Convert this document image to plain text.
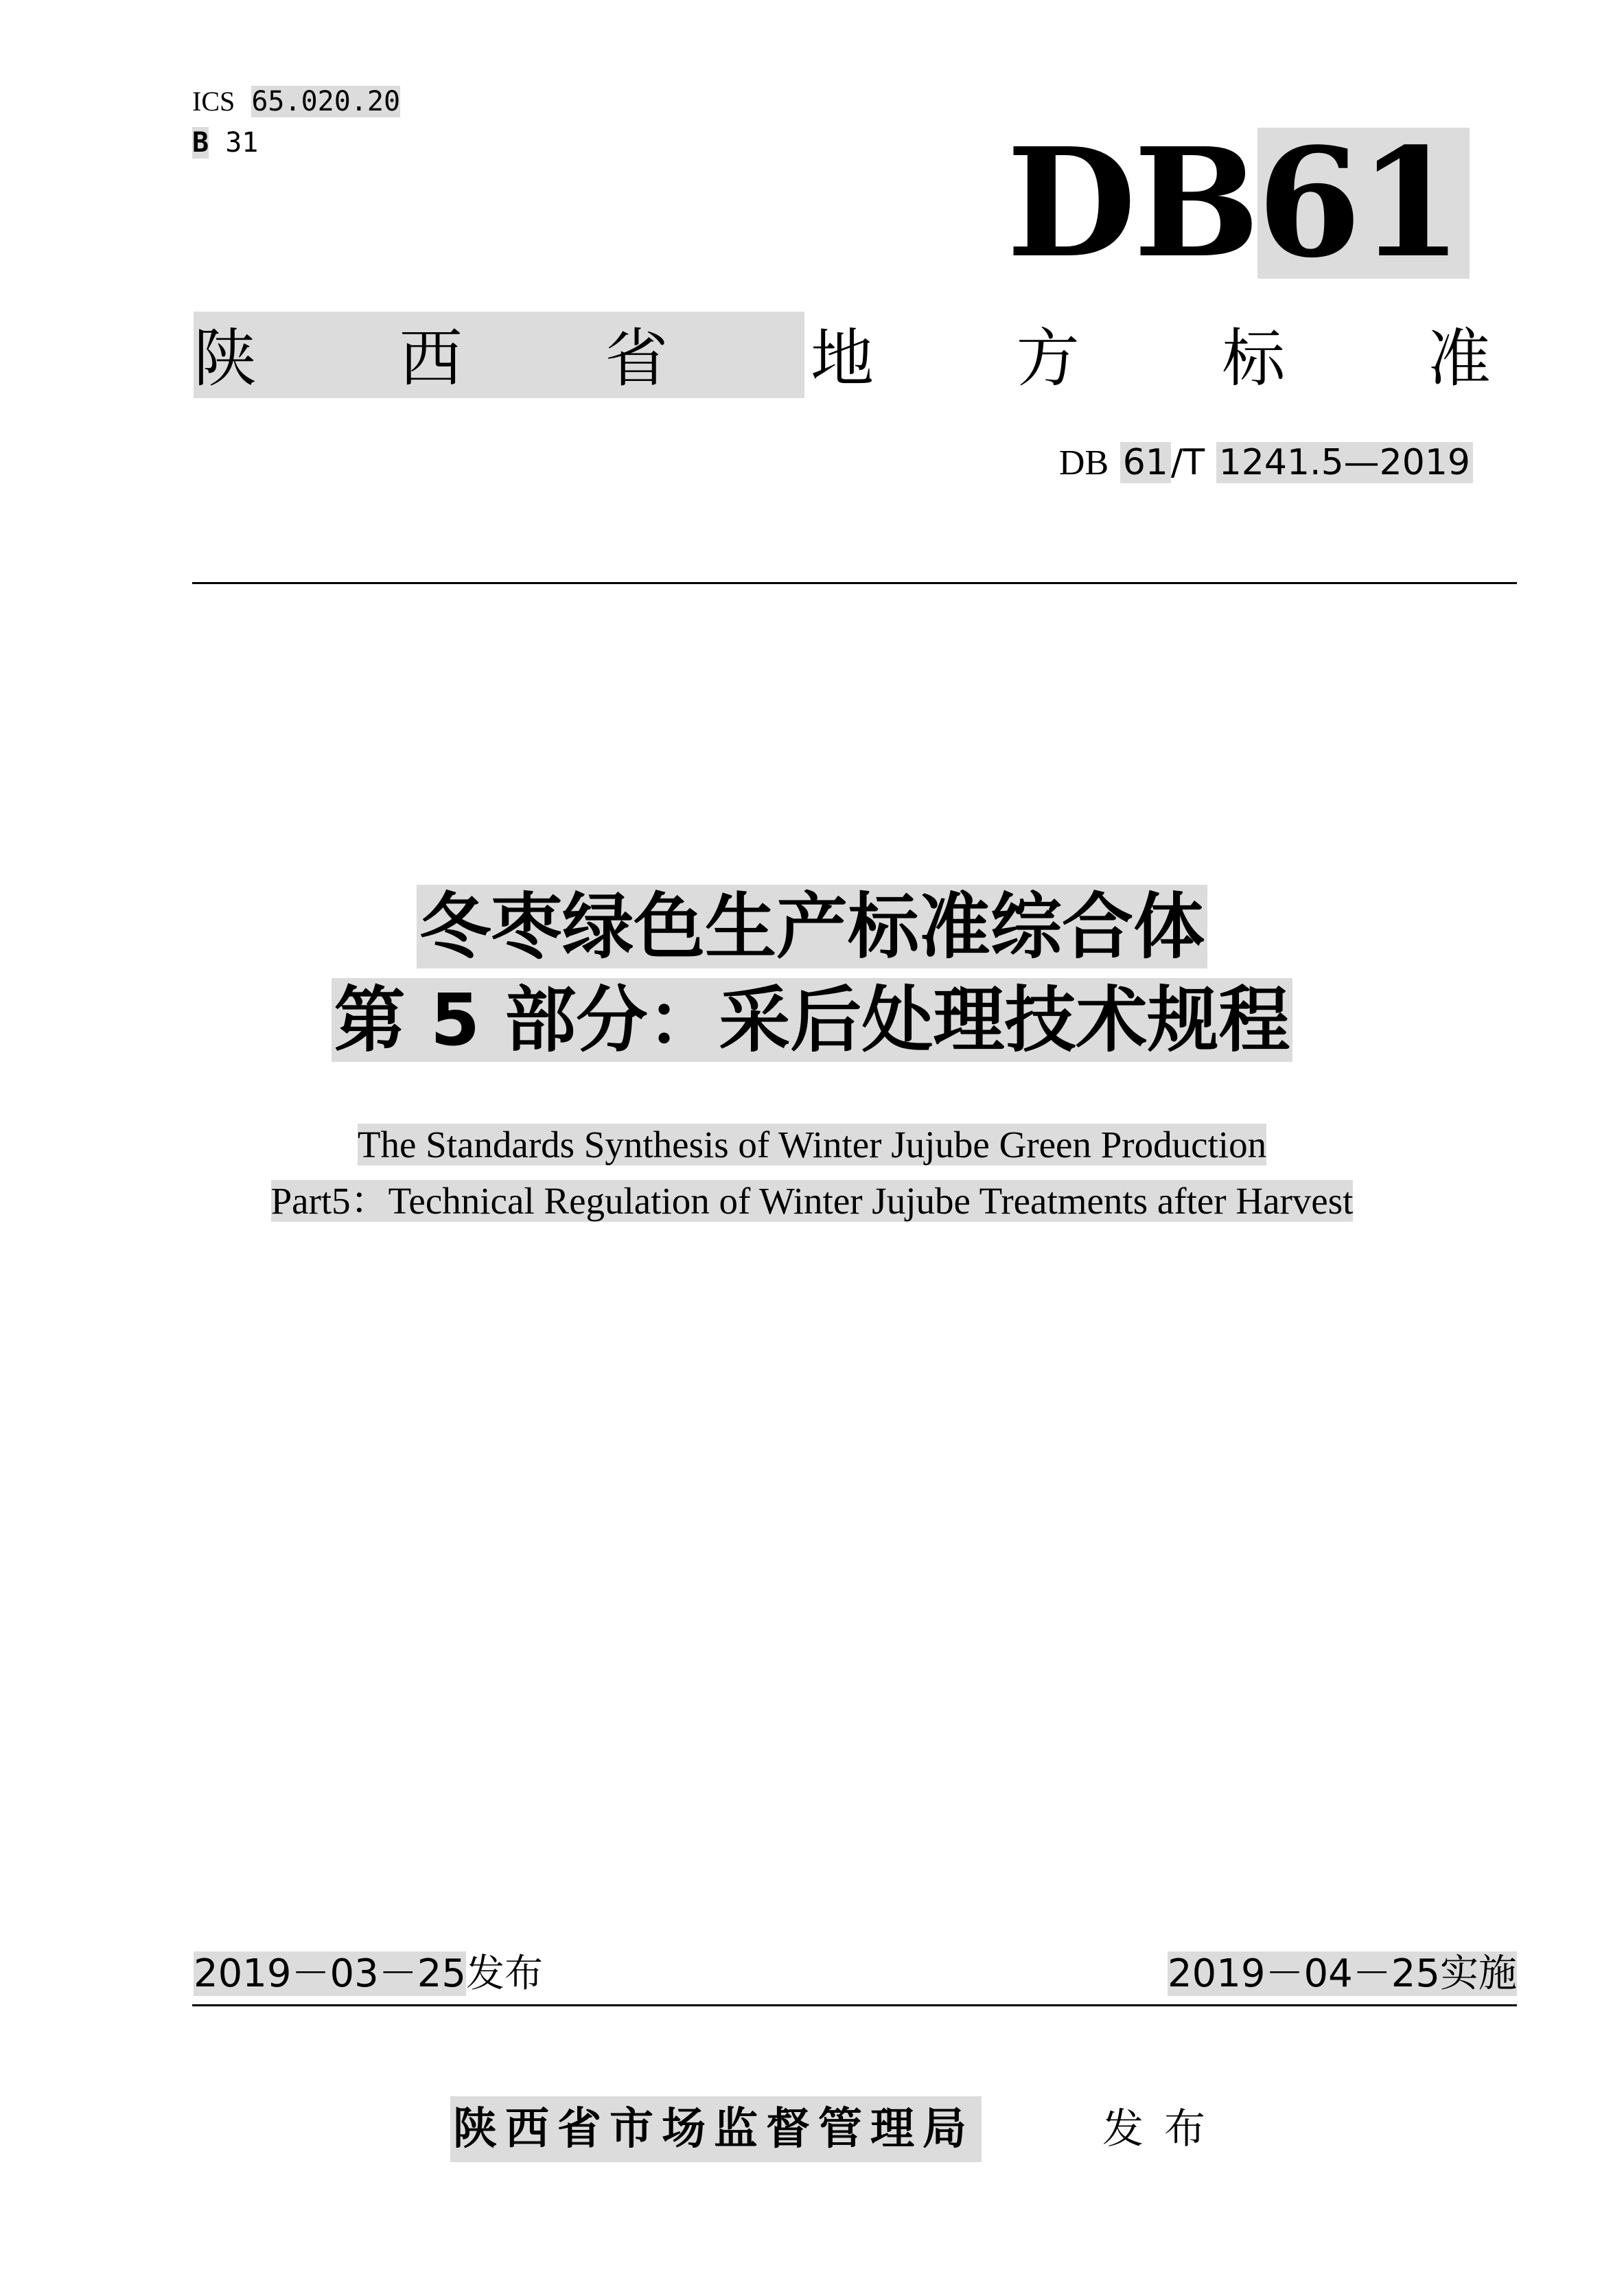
ICS 65.020.20
B 31	DB61
陕 西 省 地 方 标 准
DB 61/T 1241.5—2019
冬枣绿色生产标准综合体
第 5 部分：采后处理技术规程
The Standards Synthesis of Winter Jujube Green Production
Part5：Technical Regulation of Winter Jujube Treatments after Harvest
2019－03－25发布	2019－04－25实施
陕西省市场监督管理局	发布
